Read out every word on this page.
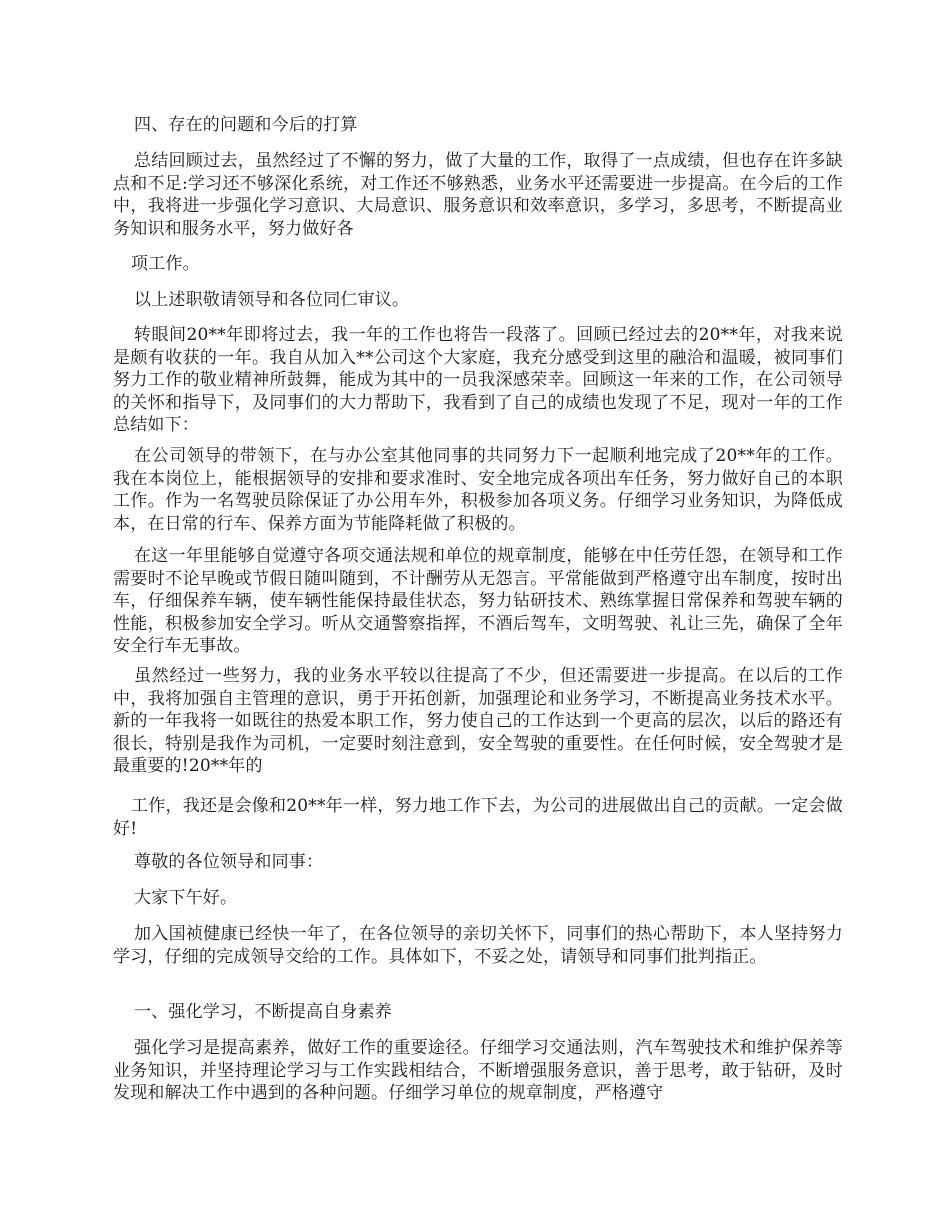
四、存在的问题和今后的打算

总结回顾过去，虽然经过了不懈的努力，做了大量的工作，取得了一点成绩，但也存在许多缺点和不足:学习还不够深化系统，对工作还不够熟悉，业务水平还需要进一步提高。在今后的工作中，我将进一步强化学习意识、大局意识、服务意识和效率意识，多学习，多思考，不断提高业务知识和服务水平，努力做好各

项工作。

以上述职敬请领导和各位同仁审议。

转眼间20**年即将过去，我一年的工作也将告一段落了。回顾已经过去的20**年，对我来说是颇有收获的一年。我自从加入**公司这个大家庭，我充分感受到这里的融洽和温暖，被同事们努力工作的敬业精神所鼓舞，能成为其中的一员我深感荣幸。回顾这一年来的工作，在公司领导的关怀和指导下，及同事们的大力帮助下，我看到了自己的成绩也发现了不足，现对一年的工作总结如下：

在公司领导的带领下，在与办公室其他同事的共同努力下一起顺利地完成了20**年的工作。我在本岗位上，能根据领导的安排和要求准时、安全地完成各项出车任务，努力做好自己的本职工作。作为一名驾驶员除保证了办公用车外，积极参加各项义务。仔细学习业务知识，为降低成本，在日常的行车、保养方面为节能降耗做了积极的。

在这一年里能够自觉遵守各项交通法规和单位的规章制度，能够在中任劳任怨，在领导和工作需要时不论早晚或节假日随叫随到，不计酬劳从无怨言。平常能做到严格遵守出车制度，按时出车，仔细保养车辆，使车辆性能保持最佳状态，努力钻研技术、熟练掌握日常保养和驾驶车辆的性能，积极参加安全学习。听从交通警察指挥，不酒后驾车，文明驾驶、礼让三先，确保了全年安全行车无事故。

虽然经过一些努力，我的业务水平较以往提高了不少，但还需要进一步提高。在以后的工作中，我将加强自主管理的意识，勇于开拓创新，加强理论和业务学习，不断提高业务技术水平。新的一年我将一如既往的热爱本职工作，努力使自己的工作达到一个更高的层次，以后的路还有很长，特别是我作为司机，一定要时刻注意到，安全驾驶的重要性。在任何时候，安全驾驶才是最重要的!20**年的

工作，我还是会像和20**年一样，努力地工作下去，为公司的进展做出自己的贡献。一定会做好!

尊敬的各位领导和同事：

大家下午好。

加入国祯健康已经快一年了，在各位领导的亲切关怀下，同事们的热心帮助下，本人坚持努力学习，仔细的完成领导交给的工作。具体如下，不妥之处，请领导和同事们批判指正。

一、强化学习，不断提高自身素养

强化学习是提高素养，做好工作的重要途径。仔细学习交通法则，汽车驾驶技术和维护保养等业务知识，并坚持理论学习与工作实践相结合，不断增强服务意识，善于思考，敢于钻研，及时发现和解决工作中遇到的各种问题。仔细学习单位的规章制度，严格遵守
